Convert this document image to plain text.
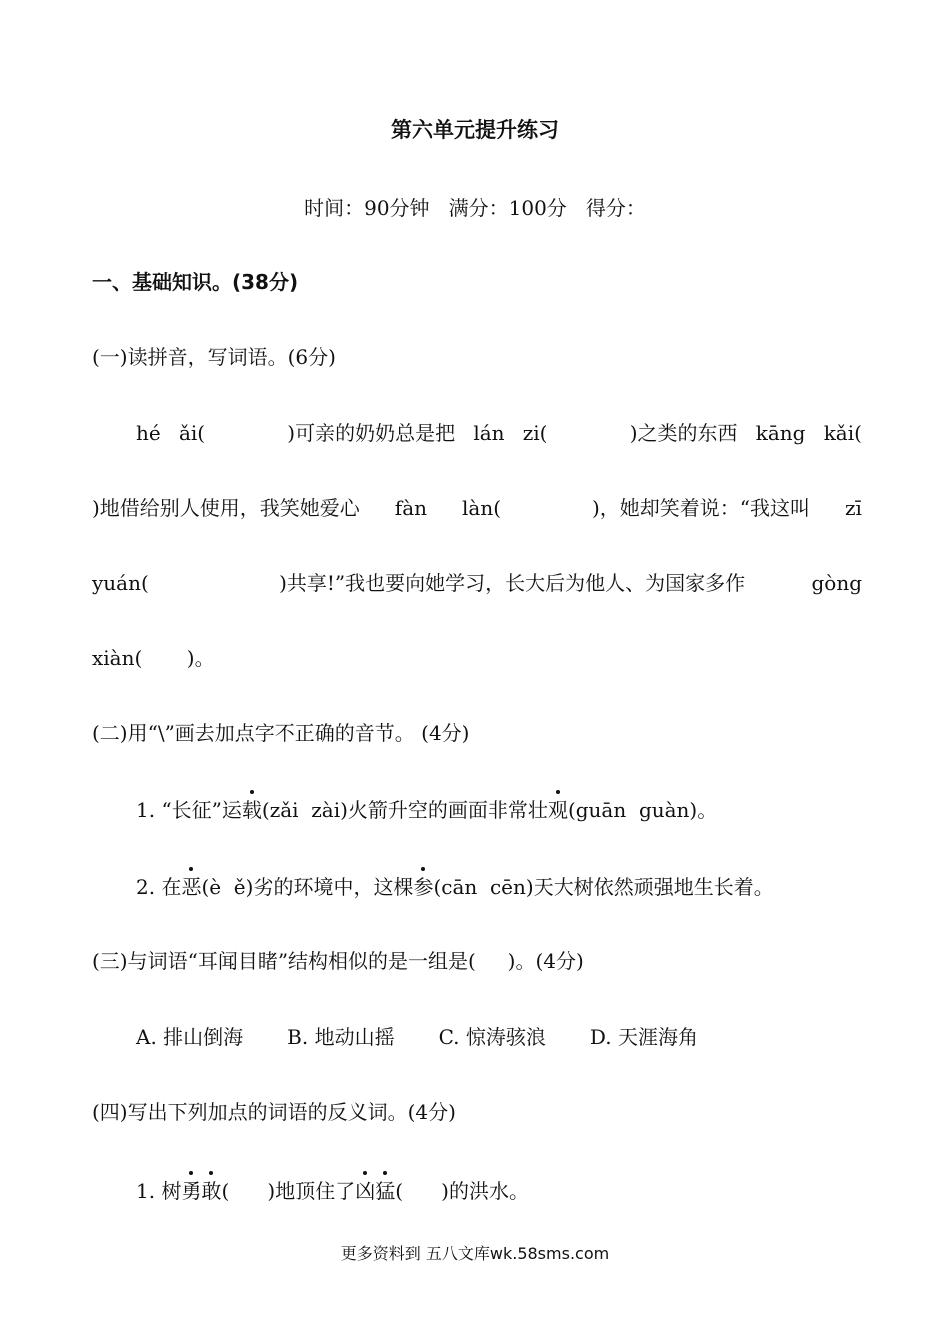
第六单元提升练习
时间：90分钟   满分：100分   得分：
一、基础知识。(38分)
(一)读拼音，写词语。(6分)
hé ǎi(	)可亲的奶奶总是把 lán zi(	)之类的东西 kāng kǎi(
)地借给别人使用，我笑她爱心 fàn làn(	)，她却笑着说：“我这叫 zī
yuán(	)共享!”我也要向她学习，长大后为他人、为国家多作	gòng
xiàn(       )。
(二)用“\”画去加点字不正确的音节。 (4分)
1. “长征”运载(zǎi  zài)火箭升空的画面非常壮观(guān  guàn)。
2. 在恶(è  ě)劣的环境中，这棵参(cān  cēn)天大树依然顽强地生长着。
(三)与词语“耳闻目睹”结构相似的是一组是(     )。(4分)
A. 排山倒海 B. 地动山摇 C. 惊涛骇浪 D. 天涯海角
(四)写出下列加点的词语的反义词。(4分)
1. 树勇敢(      )地顶住了凶猛(      )的洪水。
更多资料到 五八文库wk.58sms.com
